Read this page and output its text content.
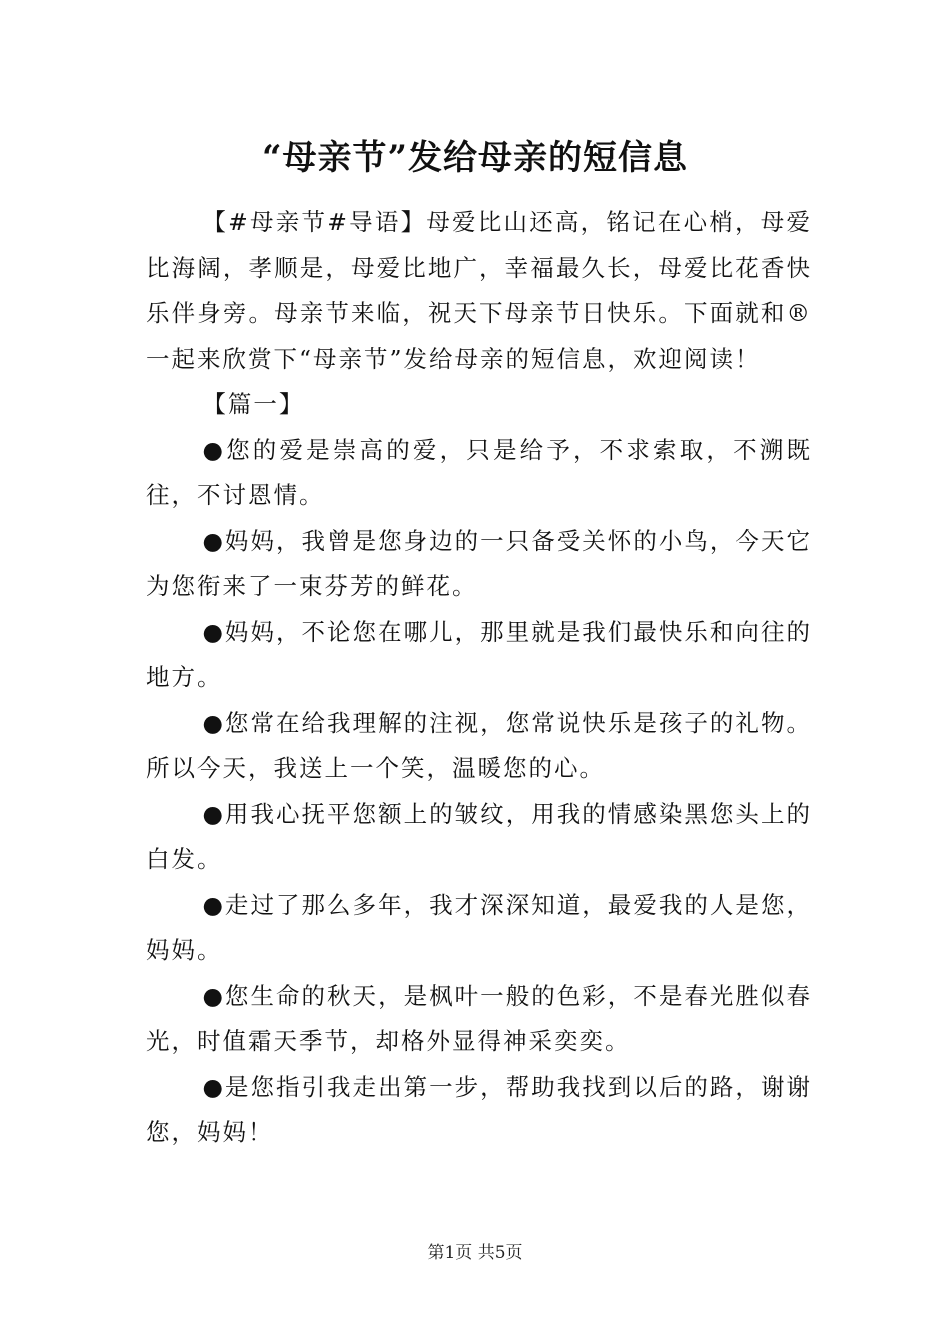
“母亲节”发给母亲的短信息

【#母亲节#导语】母爱比山还高，铭记在心梢，母爱比海阔，孝顺是，母爱比地广，幸福最久长，母爱比花香快乐伴身旁。母亲节来临，祝天下母亲节日快乐。下面就和®一起来欣赏下“母亲节”发给母亲的短信息，欢迎阅读！

【篇一】

●您的爱是崇高的爱，只是给予，不求索取，不溯既往，不讨恩情。

●妈妈，我曾是您身边的一只备受关怀的小鸟，今天它为您衔来了一束芬芳的鲜花。

●妈妈，不论您在哪儿，那里就是我们最快乐和向往的地方。

●您常在给我理解的注视，您常说快乐是孩子的礼物。所以今天，我送上一个笑，温暖您的心。

●用我心抚平您额上的皱纹，用我的情感染黑您头上的白发。

●走过了那么多年，我才深深知道，最爱我的人是您，妈妈。

●您生命的秋天，是枫叶一般的色彩，不是春光胜似春光，时值霜天季节，却格外显得神采奕奕。

●是您指引我走出第一步，帮助我找到以后的路，谢谢您，妈妈！

第1页 共5页
